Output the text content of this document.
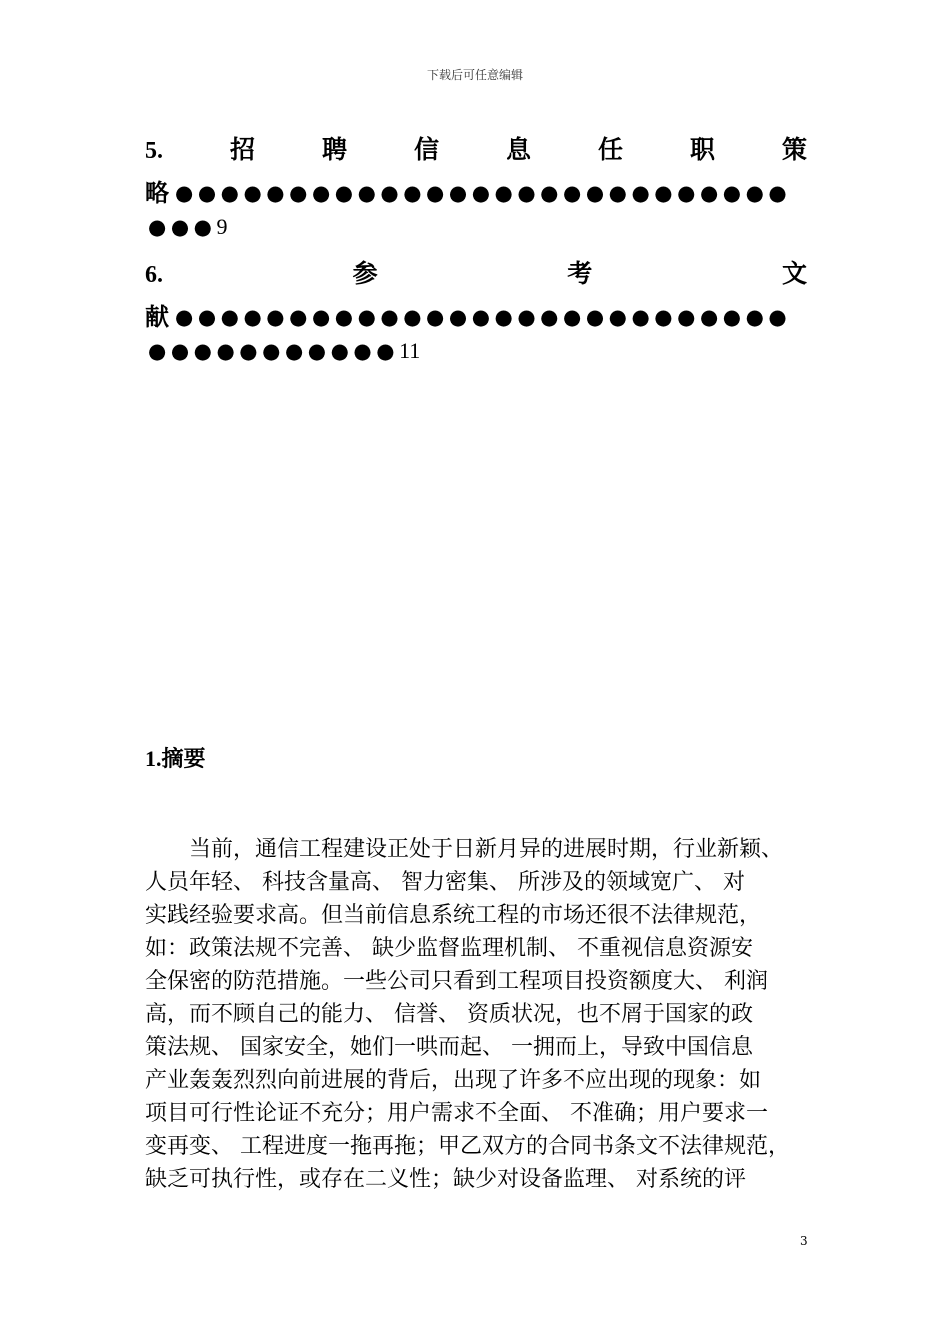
下载后可任意编辑
5.	招	聘	信	息	任	职	策
略 ●●●●●●●●●●●●●●●●●●●●●●●●●●●
●●● 9
6.	参	考	文
献 ●●●●●●●●●●●●●●●●●●●●●●●●●●●
●●●●●●●●●●● 11
1.摘要
　　当前，通信工程建设正处于日新月异的进展时期，行业新颖、
人员年轻、 科技含量高、 智力密集、 所涉及的领域宽广、 对
实践经验要求高。但当前信息系统工程的市场还很不法律规范，
如：政策法规不完善、 缺少监督监理机制、 不重视信息资源安
全保密的防范措施。一些公司只看到工程项目投资额度大、 利润
高，而不顾自己的能力、 信誉、 资质状况，也不屑于国家的政
策法规、 国家安全，她们一哄而起、 一拥而上，导致中国信息
产业轰轰烈烈向前进展的背后，出现了许多不应出现的现象：如
项目可行性论证不充分；用户需求不全面、 不准确；用户要求一
变再变、 工程进度一拖再拖；甲乙双方的合同书条文不法律规范，
缺乏可执行性，或存在二义性；缺少对设备监理、 对系统的评
3
